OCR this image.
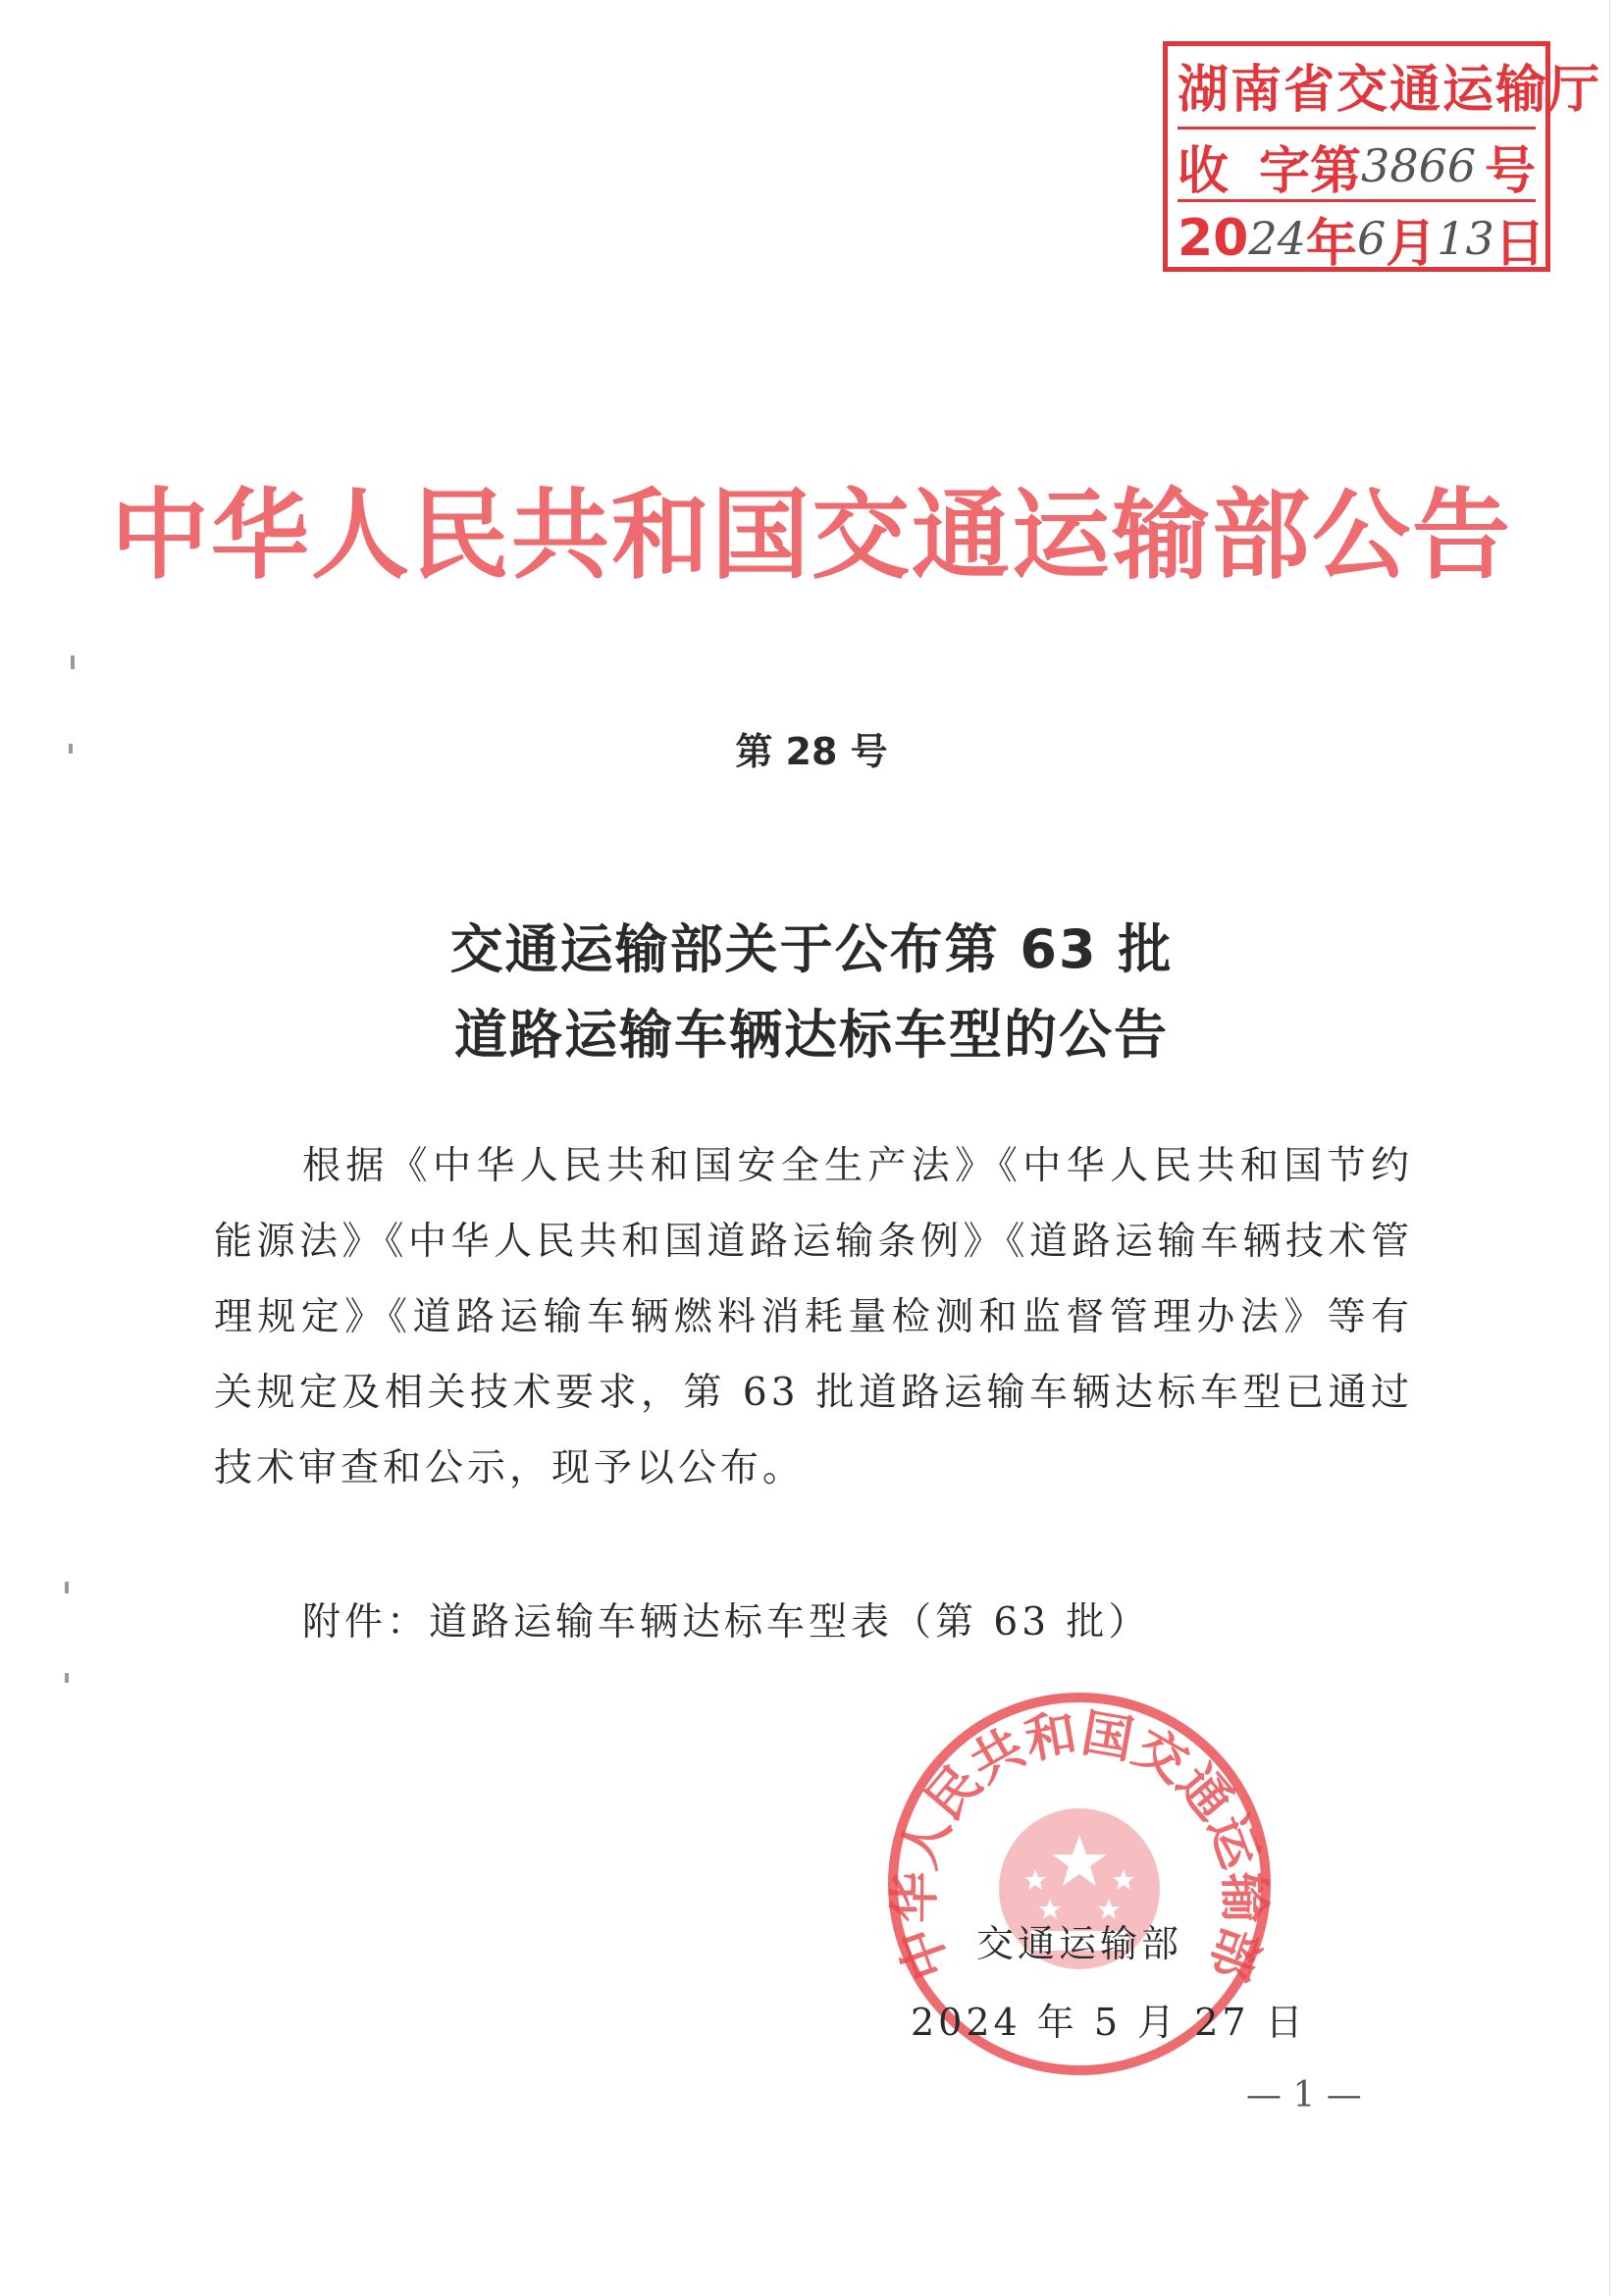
湖南省交通运输厅
收 字第 3866 号
20 24 年 6 月 13 日
中华人民共和国交通运输部公告
第 28 号
交通运输部关于公布第 63 批
道路运输车辆达标车型的公告
根据《中华人民共和国安全生产法》《中华人民共和国节约能源法》《中华人民共和国道路运输条例》《道路运输车辆技术管理规定》《道路运输车辆燃料消耗量检测和监督管理办法》等有关规定及相关技术要求，第 63 批道路运输车辆达标车型已通过技术审查和公示，现予以公布。
附件：道路运输车辆达标车型表（第 63 批）
中华人民共和国交通运输部
交通运输部
2024 年 5 月 27 日
— 1 —
